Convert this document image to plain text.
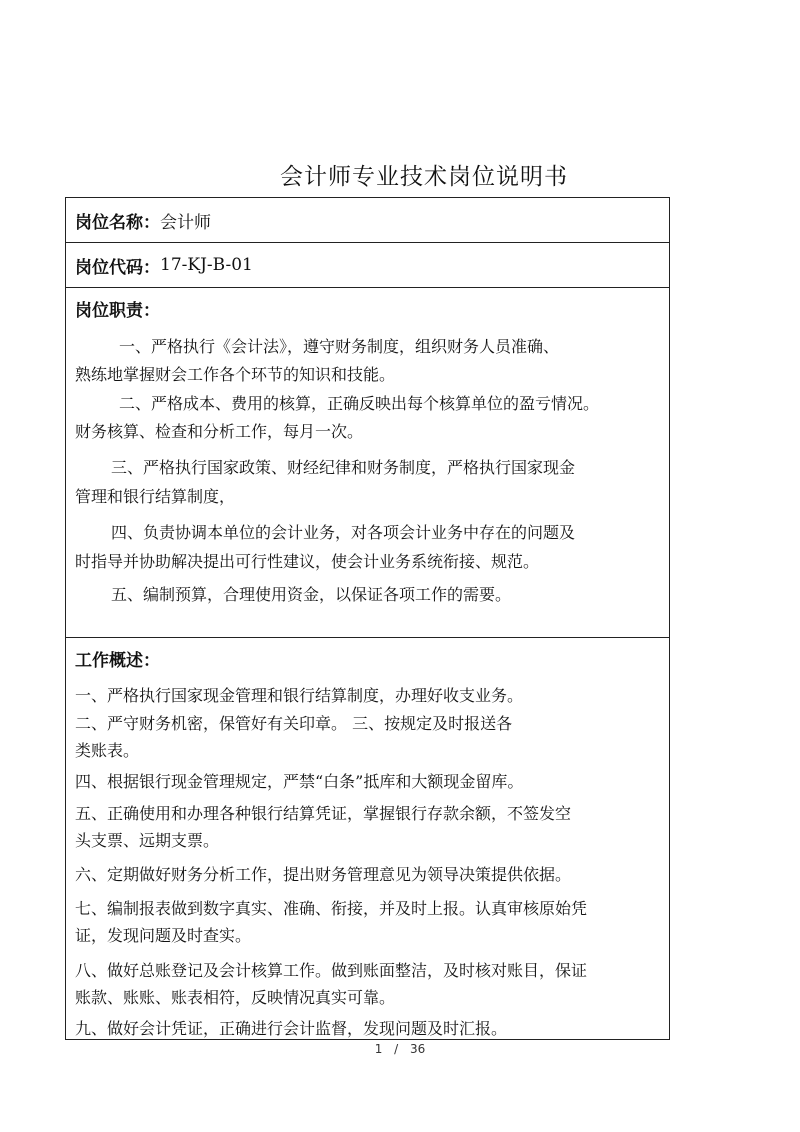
会计师专业技术岗位说明书
岗位名称： 会计师
岗位代码： 17-KJ-B-01
岗位职责：
一、严格执行《会计法》，遵守财务制度，组织财务人员准确、
熟练地掌握财会工作各个环节的知识和技能。
二、严格成本、费用的核算，正确反映出每个核算单位的盈亏情况。
财务核算、检查和分析工作，每月一次。
三、严格执行国家政策、财经纪律和财务制度，严格执行国家现金
管理和银行结算制度，
四、负责协调本单位的会计业务，对各项会计业务中存在的问题及
时指导并协助解决提出可行性建议，使会计业务系统衔接、规范。
五、编制预算，合理使用资金，以保证各项工作的需要。
工作概述：
一、严格执行国家现金管理和银行结算制度，办理好收支业务。
二、严守财务机密，保管好有关印章。 三、按规定及时报送各
类账表。
四、根据银行现金管理规定，严禁“白条”抵库和大额现金留库。
五、正确使用和办理各种银行结算凭证，掌握银行存款余额，不签发空
头支票、远期支票。
六、定期做好财务分析工作，提出财务管理意见为领导决策提供依据。
七、编制报表做到数字真实、准确、衔接，并及时上报。认真审核原始凭
证，发现问题及时查实。
八、做好总账登记及会计核算工作。做到账面整洁，及时核对账目，保证
账款、账账、账表相符，反映情况真实可靠。
九、做好会计凭证，正确进行会计监督，发现问题及时汇报。
1 / 36
